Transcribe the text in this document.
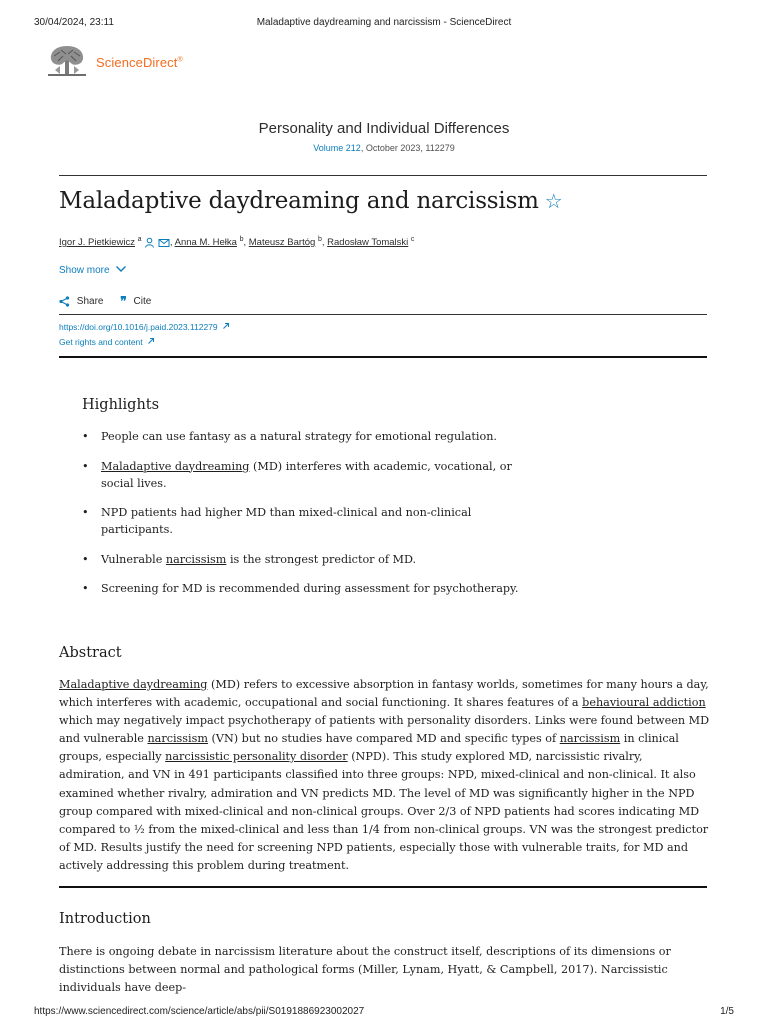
30/04/2024, 23:11	Maladaptive daydreaming and narcissism - ScienceDirect
ScienceDirect®
Personality and Individual Differences
Volume 212, October 2023, 112279
Maladaptive daydreaming and narcissism ☆
Igor J. Pietkiewicz $^a$	, Anna M. Hełka $^b$, Mateusz Bartóg $^b$, Radosław Tomalski $^c$
Show more
Share ❞ Cite
https://doi.org/10.1016/j.paid.2023.112279
Get rights and content
Highlights
• People can use fantasy as a natural strategy for emotional regulation.
• Maladaptive daydreaming (MD) interferes with academic, vocational, or social lives.
• NPD patients had higher MD than mixed-clinical and non-clinical participants.
• Vulnerable narcissism is the strongest predictor of MD.
• Screening for MD is recommended during assessment for psychotherapy.
Abstract
Maladaptive daydreaming (MD) refers to excessive absorption in fantasy worlds, sometimes for many hours a day, which interferes with academic, occupational and social functioning. It shares features of a behavioural addiction which may negatively impact psychotherapy of patients with personality disorders. Links were found between MD and vulnerable narcissism (VN) but no studies have compared MD and specific types of narcissism in clinical groups, especially narcissistic personality disorder (NPD). This study explored MD, narcissistic rivalry, admiration, and VN in 491 participants classified into three groups: NPD, mixed-clinical and non-clinical. It also examined whether rivalry, admiration and VN predicts MD. The level of MD was significantly higher in the NPD group compared with mixed-clinical and non-clinical groups. Over 2/3 of NPD patients had scores indicating MD compared to ½ from the mixed-clinical and less than 1/4 from non-clinical groups. VN was the strongest predictor of MD. Results justify the need for screening NPD patients, especially those with vulnerable traits, for MD and actively addressing this problem during treatment.
Introduction
There is ongoing debate in narcissism literature about the construct itself, descriptions of its dimensions or distinctions between normal and pathological forms (Miller, Lynam, Hyatt, & Campbell, 2017). Narcissistic individuals have deep-
https://www.sciencedirect.com/science/article/abs/pii/S0191886923002027	1/5
